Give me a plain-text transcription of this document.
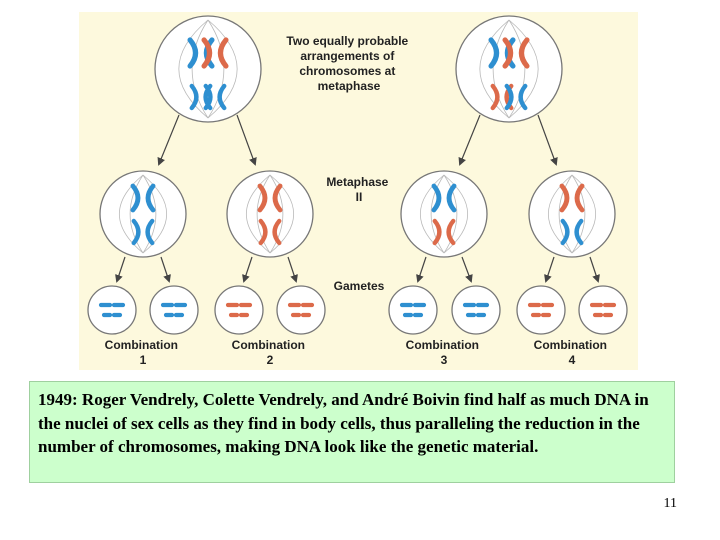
Two equally probable arrangements of chromosomes at metaphase
Metaphase II
Gametes
Combination 1
Combination 2
Combination 3
Combination 4
1949: Roger Vendrely, Colette Vendrely, and André Boivin find half as much DNA in the nuclei of sex cells as they find in body cells, thus paralleling the reduction in the number of chromosomes, making DNA look like the genetic material.
11
